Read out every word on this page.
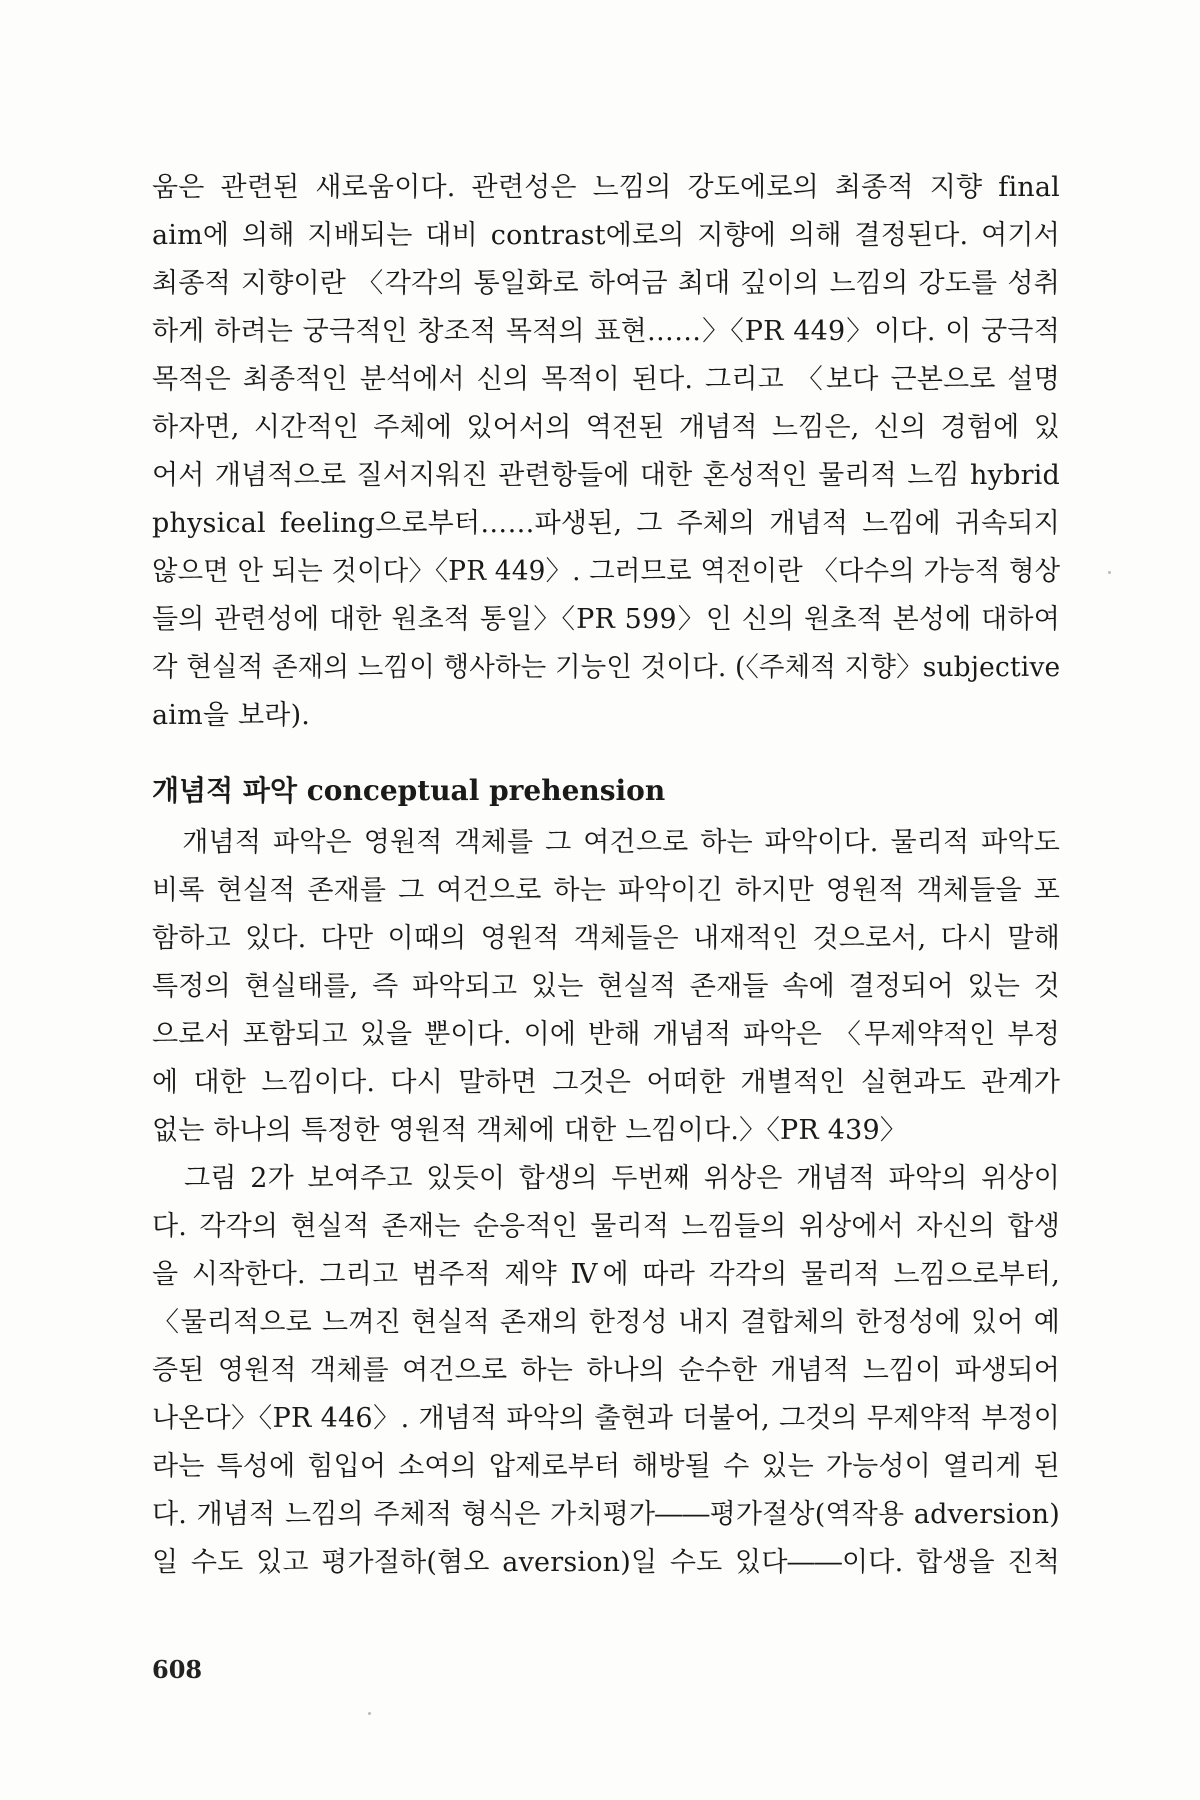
움은 관련된 새로움이다. 관련성은 느낌의 강도에로의 최종적 지향 final
aim에 의해 지배되는 대비 contrast에로의 지향에 의해 결정된다. 여기서
최종적 지향이란 〈각각의 통일화로 하여금 최대 깊이의 느낌의 강도를 성취
하게 하려는 궁극적인 창조적 목적의 표현……〉〈PR 449〉이다. 이 궁극적
목적은 최종적인 분석에서 신의 목적이 된다. 그리고 〈보다 근본으로 설명
하자면, 시간적인 주체에 있어서의 역전된 개념적 느낌은, 신의 경험에 있
어서 개념적으로 질서지워진 관련항들에 대한 혼성적인 물리적 느낌 hybrid
physical feeling으로부터……파생된, 그 주체의 개념적 느낌에 귀속되지
않으면 안 되는 것이다〉〈PR 449〉. 그러므로 역전이란 〈다수의 가능적 형상
들의 관련성에 대한 원초적 통일〉〈PR 599〉인 신의 원초적 본성에 대하여
각 현실적 존재의 느낌이 행사하는 기능인 것이다. (〈주체적 지향〉subjective
aim을 보라).
개념적 파악 conceptual prehension
　개념적 파악은 영원적 객체를 그 여건으로 하는 파악이다. 물리적 파악도
비록 현실적 존재를 그 여건으로 하는 파악이긴 하지만 영원적 객체들을 포
함하고 있다. 다만 이때의 영원적 객체들은 내재적인 것으로서, 다시 말해
특정의 현실태를, 즉 파악되고 있는 현실적 존재들 속에 결정되어 있는 것
으로서 포함되고 있을 뿐이다. 이에 반해 개념적 파악은 〈무제약적인 부정
에 대한 느낌이다. 다시 말하면 그것은 어떠한 개별적인 실현과도 관계가
없는 하나의 특정한 영원적 객체에 대한 느낌이다.〉〈PR 439〉
　그림 2가 보여주고 있듯이 합생의 두번째 위상은 개념적 파악의 위상이
다. 각각의 현실적 존재는 순응적인 물리적 느낌들의 위상에서 자신의 합생
을 시작한다. 그리고 범주적 제약 Ⅳ에 따라 각각의 물리적 느낌으로부터,
〈물리적으로 느껴진 현실적 존재의 한정성 내지 결합체의 한정성에 있어 예
증된 영원적 객체를 여건으로 하는 하나의 순수한 개념적 느낌이 파생되어
나온다〉〈PR 446〉. 개념적 파악의 출현과 더불어, 그것의 무제약적 부정이
라는 특성에 힘입어 소여의 압제로부터 해방될 수 있는 가능성이 열리게 된
다. 개념적 느낌의 주체적 형식은 가치평가――평가절상(역작용 adversion)
일 수도 있고 평가절하(혐오 aversion)일 수도 있다――이다. 합생을 진척
608
